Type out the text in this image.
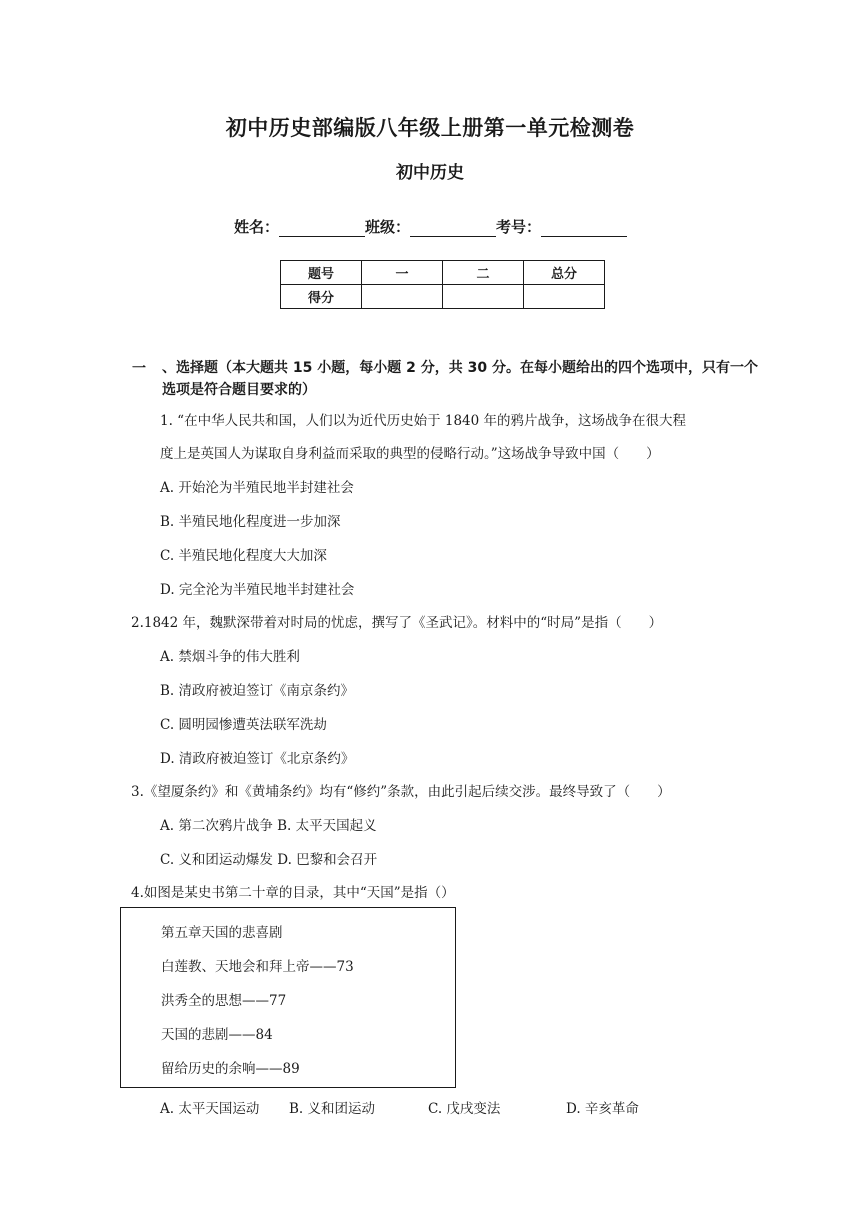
初中历史部编版八年级上册第一单元检测卷
初中历史
姓名：	班级：	考号：
题号	一	二	总分
得分			
一 、选择题（本大题共 15 小题，每小题 2 分，共 30 分。在每小题给出的四个选项中，只有一个选项是符合题目要求的）
1. “在中华人民共和国，人们以为近代历史始于 1840 年的鸦片战争，这场战争在很大程
度上是英国人为谋取自身利益而采取的典型的侵略行动。”这场战争导致中国（　　）
A. 开始沦为半殖民地半封建社会
B. 半殖民地化程度进一步加深
C. 半殖民地化程度大大加深
D. 完全沦为半殖民地半封建社会
2.1842 年，魏默深带着对时局的忧虑，撰写了《圣武记》。材料中的“时局”是指（　　）
A. 禁烟斗争的伟大胜利
B. 清政府被迫签订《南京条约》
C. 圆明园惨遭英法联军洗劫
D. 清政府被迫签订《北京条约》
3.《望厦条约》和《黄埔条约》均有“修约”条款，由此引起后续交涉。最终导致了（　　）
A. 第二次鸦片战争 B. 太平天国起义
C. 义和团运动爆发 D. 巴黎和会召开
4.如图是某史书第二十章的目录，其中“天国”是指（）
第五章天国的悲喜剧
白莲教、天地会和拜上帝——73
洪秀全的思想——77
天国的悲剧——84
留给历史的余响——89
A. 太平天国运动 B. 义和团运动	C. 戊戌变法	D. 辛亥革命
